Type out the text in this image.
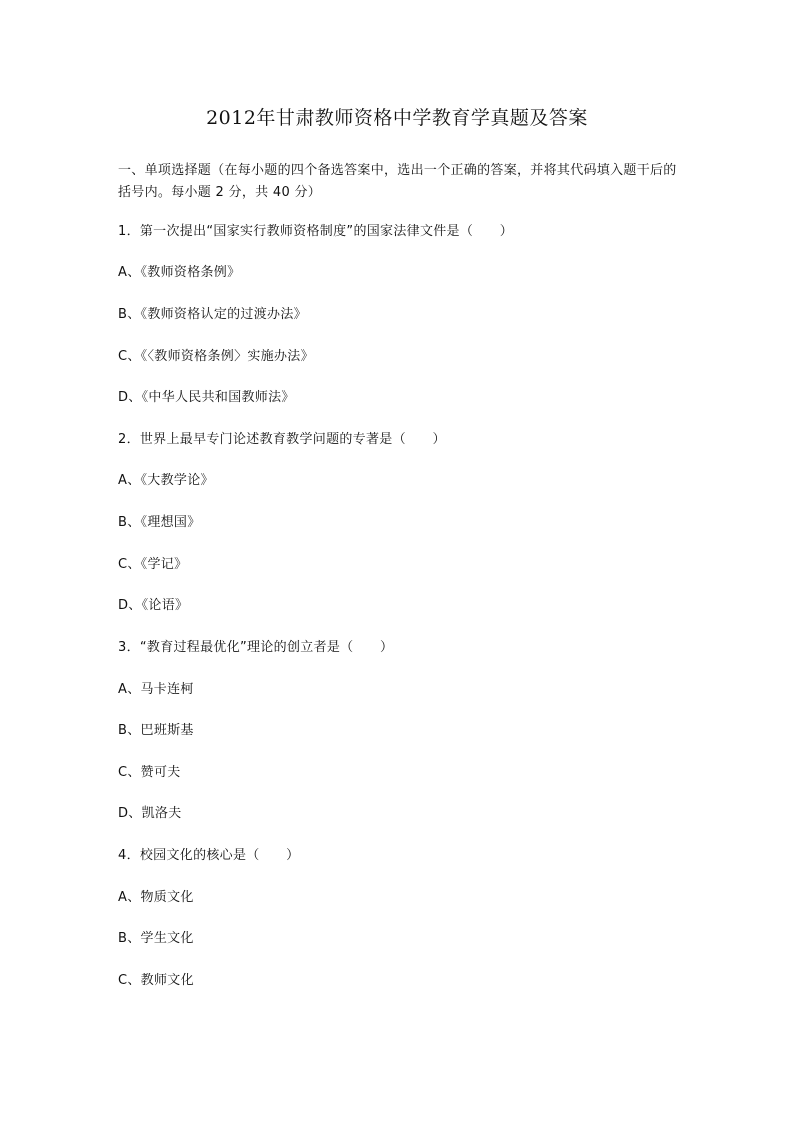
2012年甘肃教师资格中学教育学真题及答案
一、单项选择题（在每小题的四个备选答案中，选出一个正确的答案，并将其代码填入题干后的括号内。每小题 2 分，共 40 分）
1．第一次提出“国家实行教师资格制度”的国家法律文件是（　　）
A、《教师资格条例》
B、《教师资格认定的过渡办法》
C、《〈教师资格条例〉实施办法》
D、《中华人民共和国教师法》
2．世界上最早专门论述教育教学问题的专著是（　　）
A、《大教学论》
B、《理想国》
C、《学记》
D、《论语》
3．“教育过程最优化”理论的创立者是（　　）
A、马卡连柯
B、巴班斯基
C、赞可夫
D、凯洛夫
4．校园文化的核心是（　　）
A、物质文化
B、学生文化
C、教师文化
